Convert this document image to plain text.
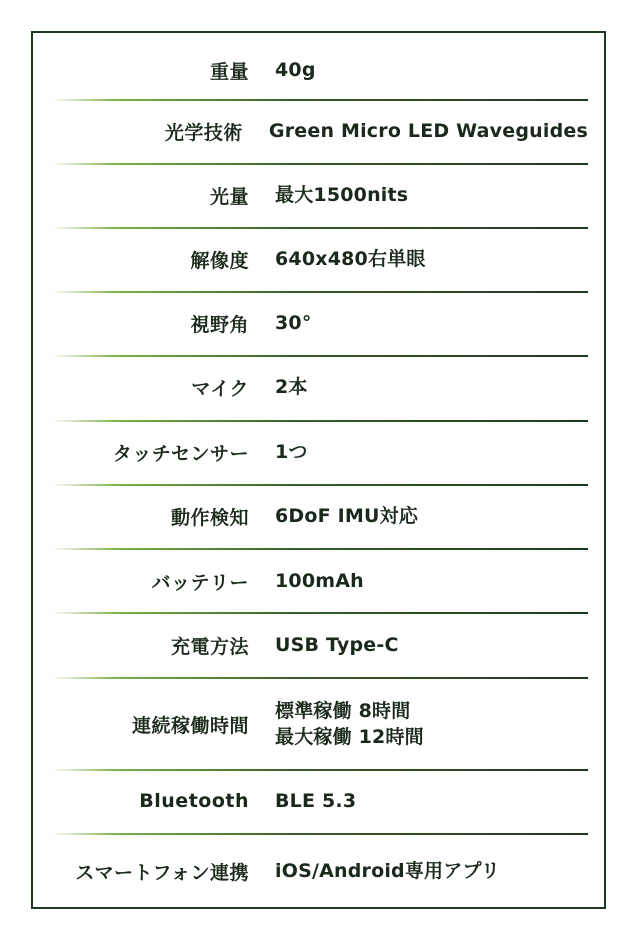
重量 40g
光学技術 Green Micro LED Waveguides
光量 最大1500nits
解像度 640x480右単眼
視野角 30°
マイク 2本
タッチセンサー 1つ
動作検知 6DoF IMU対応
バッテリー 100mAh
充電方法 USB Type-C
連続稼働時間
標準稼働 8時間
最大稼働 12時間
Bluetooth BLE 5.3
スマートフォン連携 iOS/Android専用アプリ
